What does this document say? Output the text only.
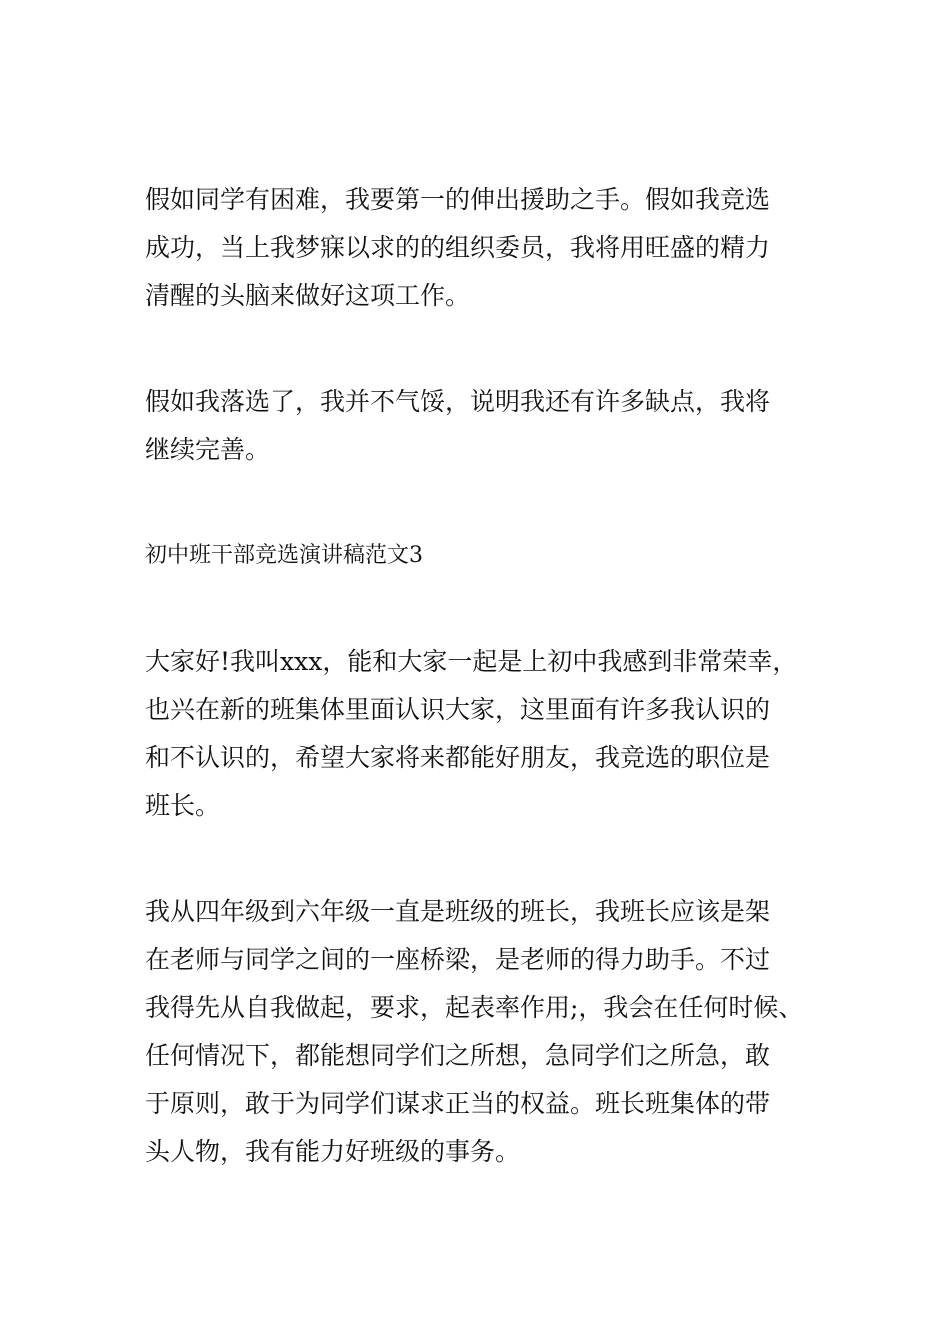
假如同学有困难，我要第一的伸出援助之手。假如我竞选
成功，当上我梦寐以求的的组织委员，我将用旺盛的精力
清醒的头脑来做好这项工作。

假如我落选了，我并不气馁，说明我还有许多缺点，我将
继续完善。

初中班干部竞选演讲稿范文3

大家好!我叫xxx，能和大家一起是上初中我感到非常荣幸，
也兴在新的班集体里面认识大家，这里面有许多我认识的
和不认识的，希望大家将来都能好朋友，我竞选的职位是
班长。

我从四年级到六年级一直是班级的班长，我班长应该是架
在老师与同学之间的一座桥梁，是老师的得力助手。不过
我得先从自我做起，要求，起表率作用;，我会在任何时候、
任何情况下，都能想同学们之所想，急同学们之所急，敢
于原则，敢于为同学们谋求正当的权益。班长班集体的带
头人物，我有能力好班级的事务。
